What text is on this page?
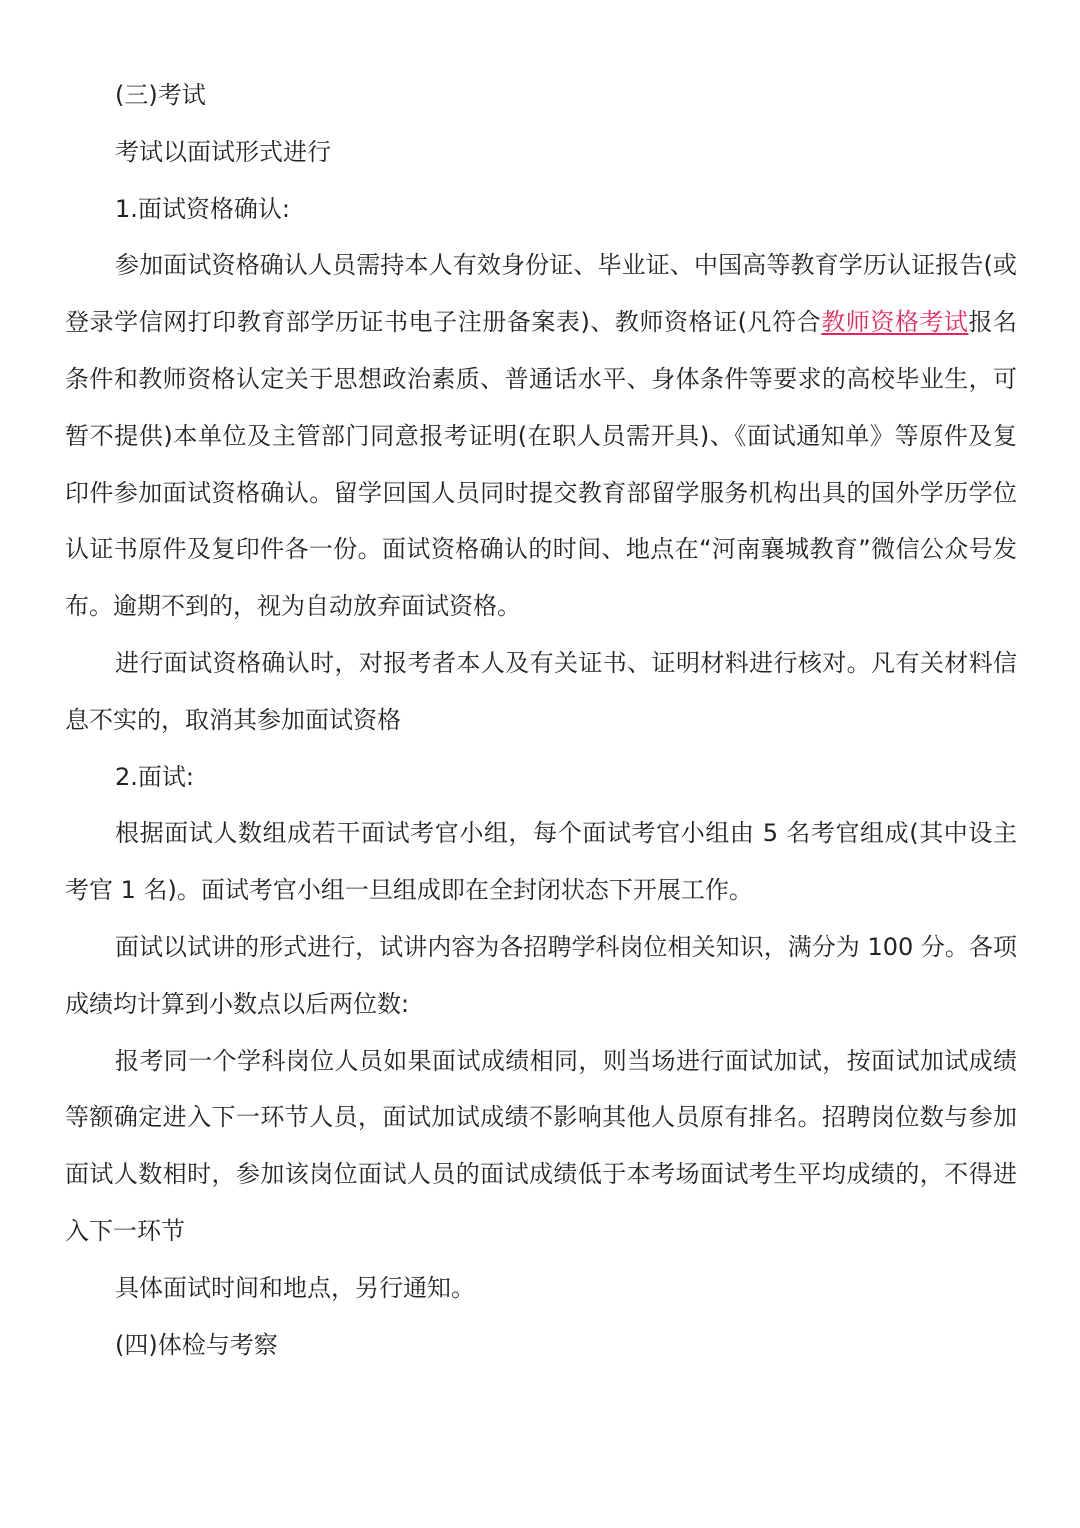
(三)考试

考试以面试形式进行

1.面试资格确认:

参加面试资格确认人员需持本人有效身份证、毕业证、中国高等教育学历认证报告(或登录学信网打印教育部学历证书电子注册备案表)、教师资格证(凡符合教师资格考试报名条件和教师资格认定关于思想政治素质、普通话水平、身体条件等要求的高校毕业生，可暂不提供)本单位及主管部门同意报考证明(在职人员需开具)、《面试通知单》等原件及复印件参加面试资格确认。留学回国人员同时提交教育部留学服务机构出具的国外学历学位认证书原件及复印件各一份。面试资格确认的时间、地点在“河南襄城教育”微信公众号发布。逾期不到的，视为自动放弃面试资格。

进行面试资格确认时，对报考者本人及有关证书、证明材料进行核对。凡有关材料信息不实的，取消其参加面试资格

2.面试:

根据面试人数组成若干面试考官小组，每个面试考官小组由 5 名考官组成(其中设主考官 1 名)。面试考官小组一旦组成即在全封闭状态下开展工作。

面试以试讲的形式进行，试讲内容为各招聘学科岗位相关知识，满分为 100 分。各项成绩均计算到小数点以后两位数:

报考同一个学科岗位人员如果面试成绩相同，则当场进行面试加试，按面试加试成绩等额确定进入下一环节人员，面试加试成绩不影响其他人员原有排名。招聘岗位数与参加面试人数相时，参加该岗位面试人员的面试成绩低于本考场面试考生平均成绩的，不得进入下一环节

具体面试时间和地点，另行通知。

(四)体检与考察
